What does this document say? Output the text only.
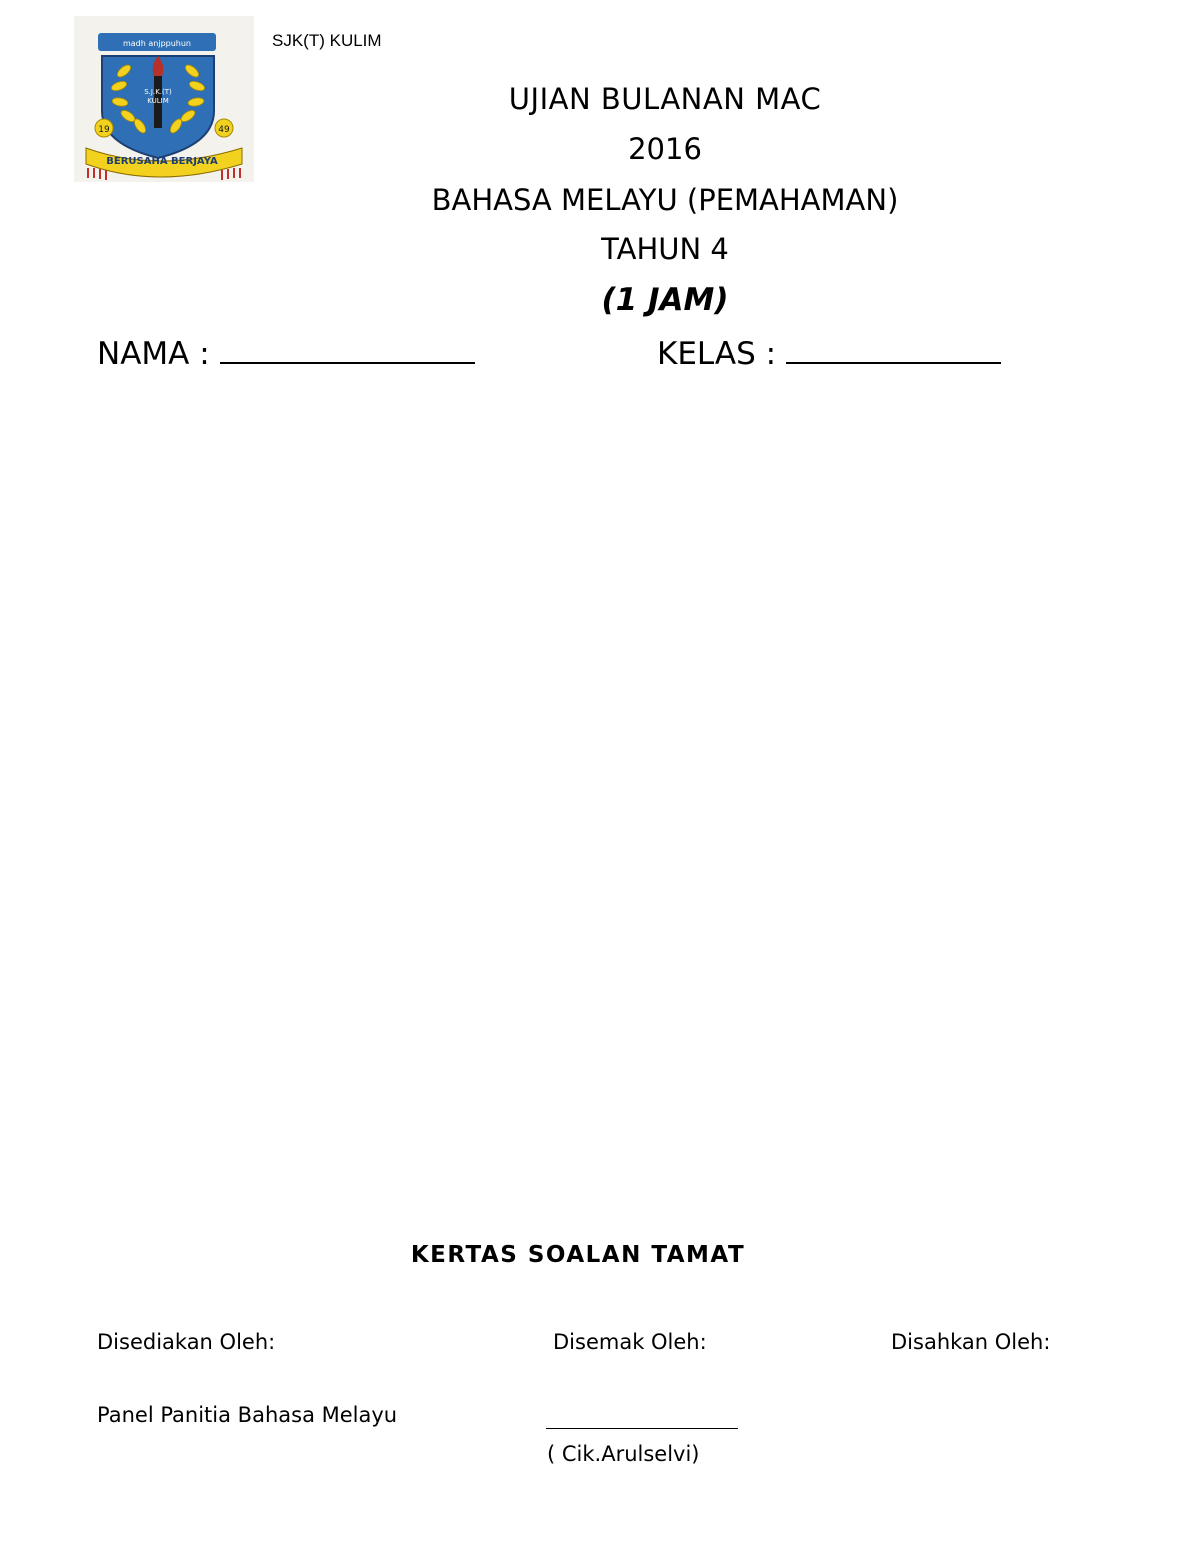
madh anjppuhun
S.J.K.(T)
KULIM
19	49
BERUSAHA BERJAYA
SJK(T) KULIM
UJIAN BULANAN MAC
2016
BAHASA MELAYU (PEMAHAMAN)
TAHUN 4
(1 JAM)
NAMA :	KELAS :
KERTAS SOALAN TAMAT
Disediakan Oleh:	Disemak Oleh:	Disahkan Oleh:
Panel Panitia Bahasa Melayu
( Cik.Arulselvi)
